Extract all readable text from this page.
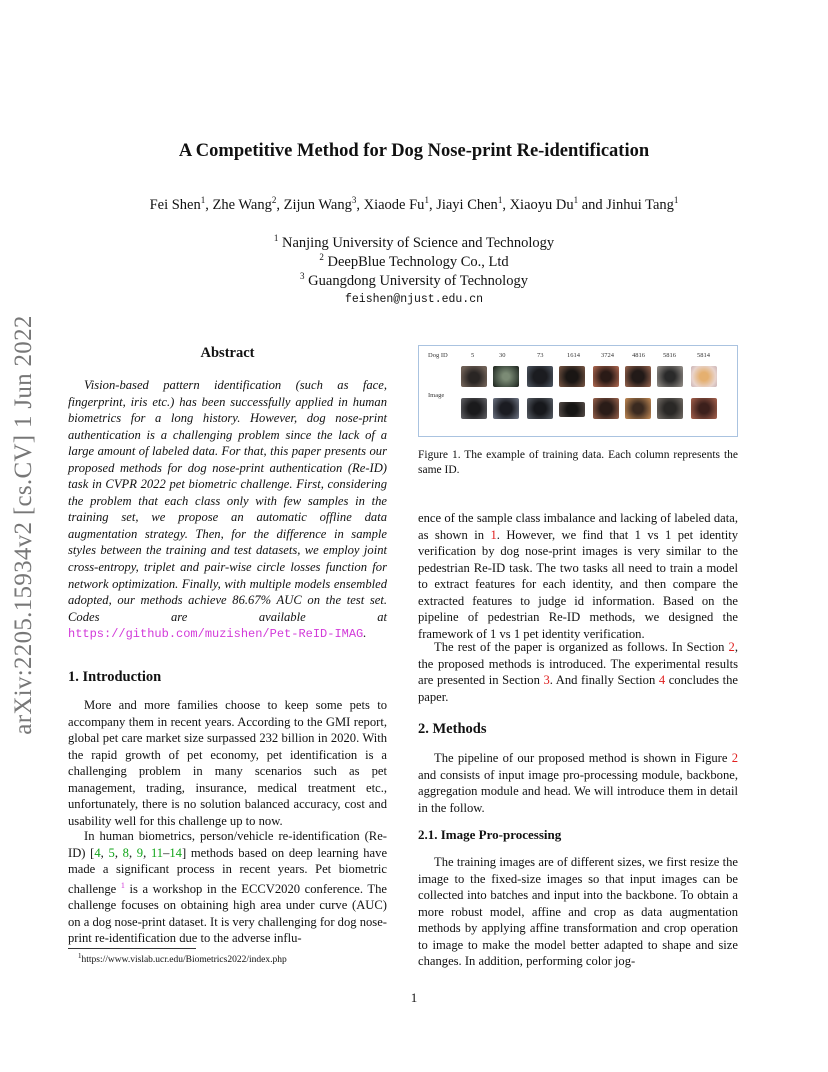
arXiv:2205.15934v2 [cs.CV] 1 Jun 2022
A Competitive Method for Dog Nose-print Re-identification
Fei Shen$^1$, Zhe Wang$^2$, Zijun Wang$^3$, Xiaode Fu$^1$, Jiayi Chen$^1$, Xiaoyu Du$^1$ and Jinhui Tang$^1$
$^1$ Nanjing University of Science and Technology
$^2$ DeepBlue Technology Co., Ltd
$^3$ Guangdong University of Technology
feishen@njust.edu.cn
Abstract

Vision-based pattern identification (such as face, fingerprint, iris etc.) has been successfully applied in human biometrics for a long history. However, dog nose-print authentication is a challenging problem since the lack of a large amount of labeled data. For that, this paper presents our proposed methods for dog nose-print authentication (Re-ID) task in CVPR 2022 pet biometric challenge. First, considering the problem that each class only with few samples in the training set, we propose an automatic offline data augmentation strategy. Then, for the difference in sample styles between the training and test datasets, we employ joint cross-entropy, triplet and pair-wise circle losses function for network optimization. Finally, with multiple models ensembled adopted, our methods achieve 86.67% AUC on the test set. Codes are available at https://github.com/muzishen/Pet-ReID-IMAG.

1. Introduction

More and more families choose to keep some pets to accompany them in recent years. According to the GMI report, global pet care market size surpassed 232 billion in 2020. With the rapid growth of pet economy, pet identification is a challenging problem in many scenarios such as pet management, trading, insurance, medical treatment etc., unfortunately, there is no solution balanced accuracy, cost and usability well for this challenge up to now.

In human biometrics, person/vehicle re-identification (Re-ID) [4, 5, 8, 9, 11–14] methods based on deep learning have made a significant process in recent years. Pet biometric challenge $^1$ is a workshop in the ECCV2020 conference. The challenge focuses on obtaining high area under curve (AUC) on a dog nose-print dataset. It is very challenging for dog nose-print re-identification due to the adverse influ-

$^1$https://www.vislab.ucr.edu/Biometrics2022/index.php
Dog ID
Image
5	30	73	1614	3724	4816	5816	5814
Figure 1. The example of training data. Each column represents the same ID.

ence of the sample class imbalance and lacking of labeled data, as shown in 1. However, we find that 1 vs 1 pet identity verification by dog nose-print images is very similar to the pedestrian Re-ID task. The two tasks all need to train a model to extract features for each identity, and then compare the extracted features to judge id information. Based on the pipeline of pedestrian Re-ID methods, we designed the framework of 1 vs 1 pet identity verification.

The rest of the paper is organized as follows. In Section 2, the proposed methods is introduced. The experimental results are presented in Section 3. And finally Section 4 concludes the paper.

2. Methods

The pipeline of our proposed method is shown in Figure 2 and consists of input image pro-processing module, backbone, aggregation module and head. We will introduce them in detail in the follow.

2.1. Image Pro-processing

The training images are of different sizes, we first resize the image to the fixed-size images so that input images can be collected into batches and input into the backbone. To obtain a more robust model, affine and crop as data augmentation methods by applying affine transformation and crop operation to image to make the model better adapted to shape and size changes. In addition, performing color jog-

1
